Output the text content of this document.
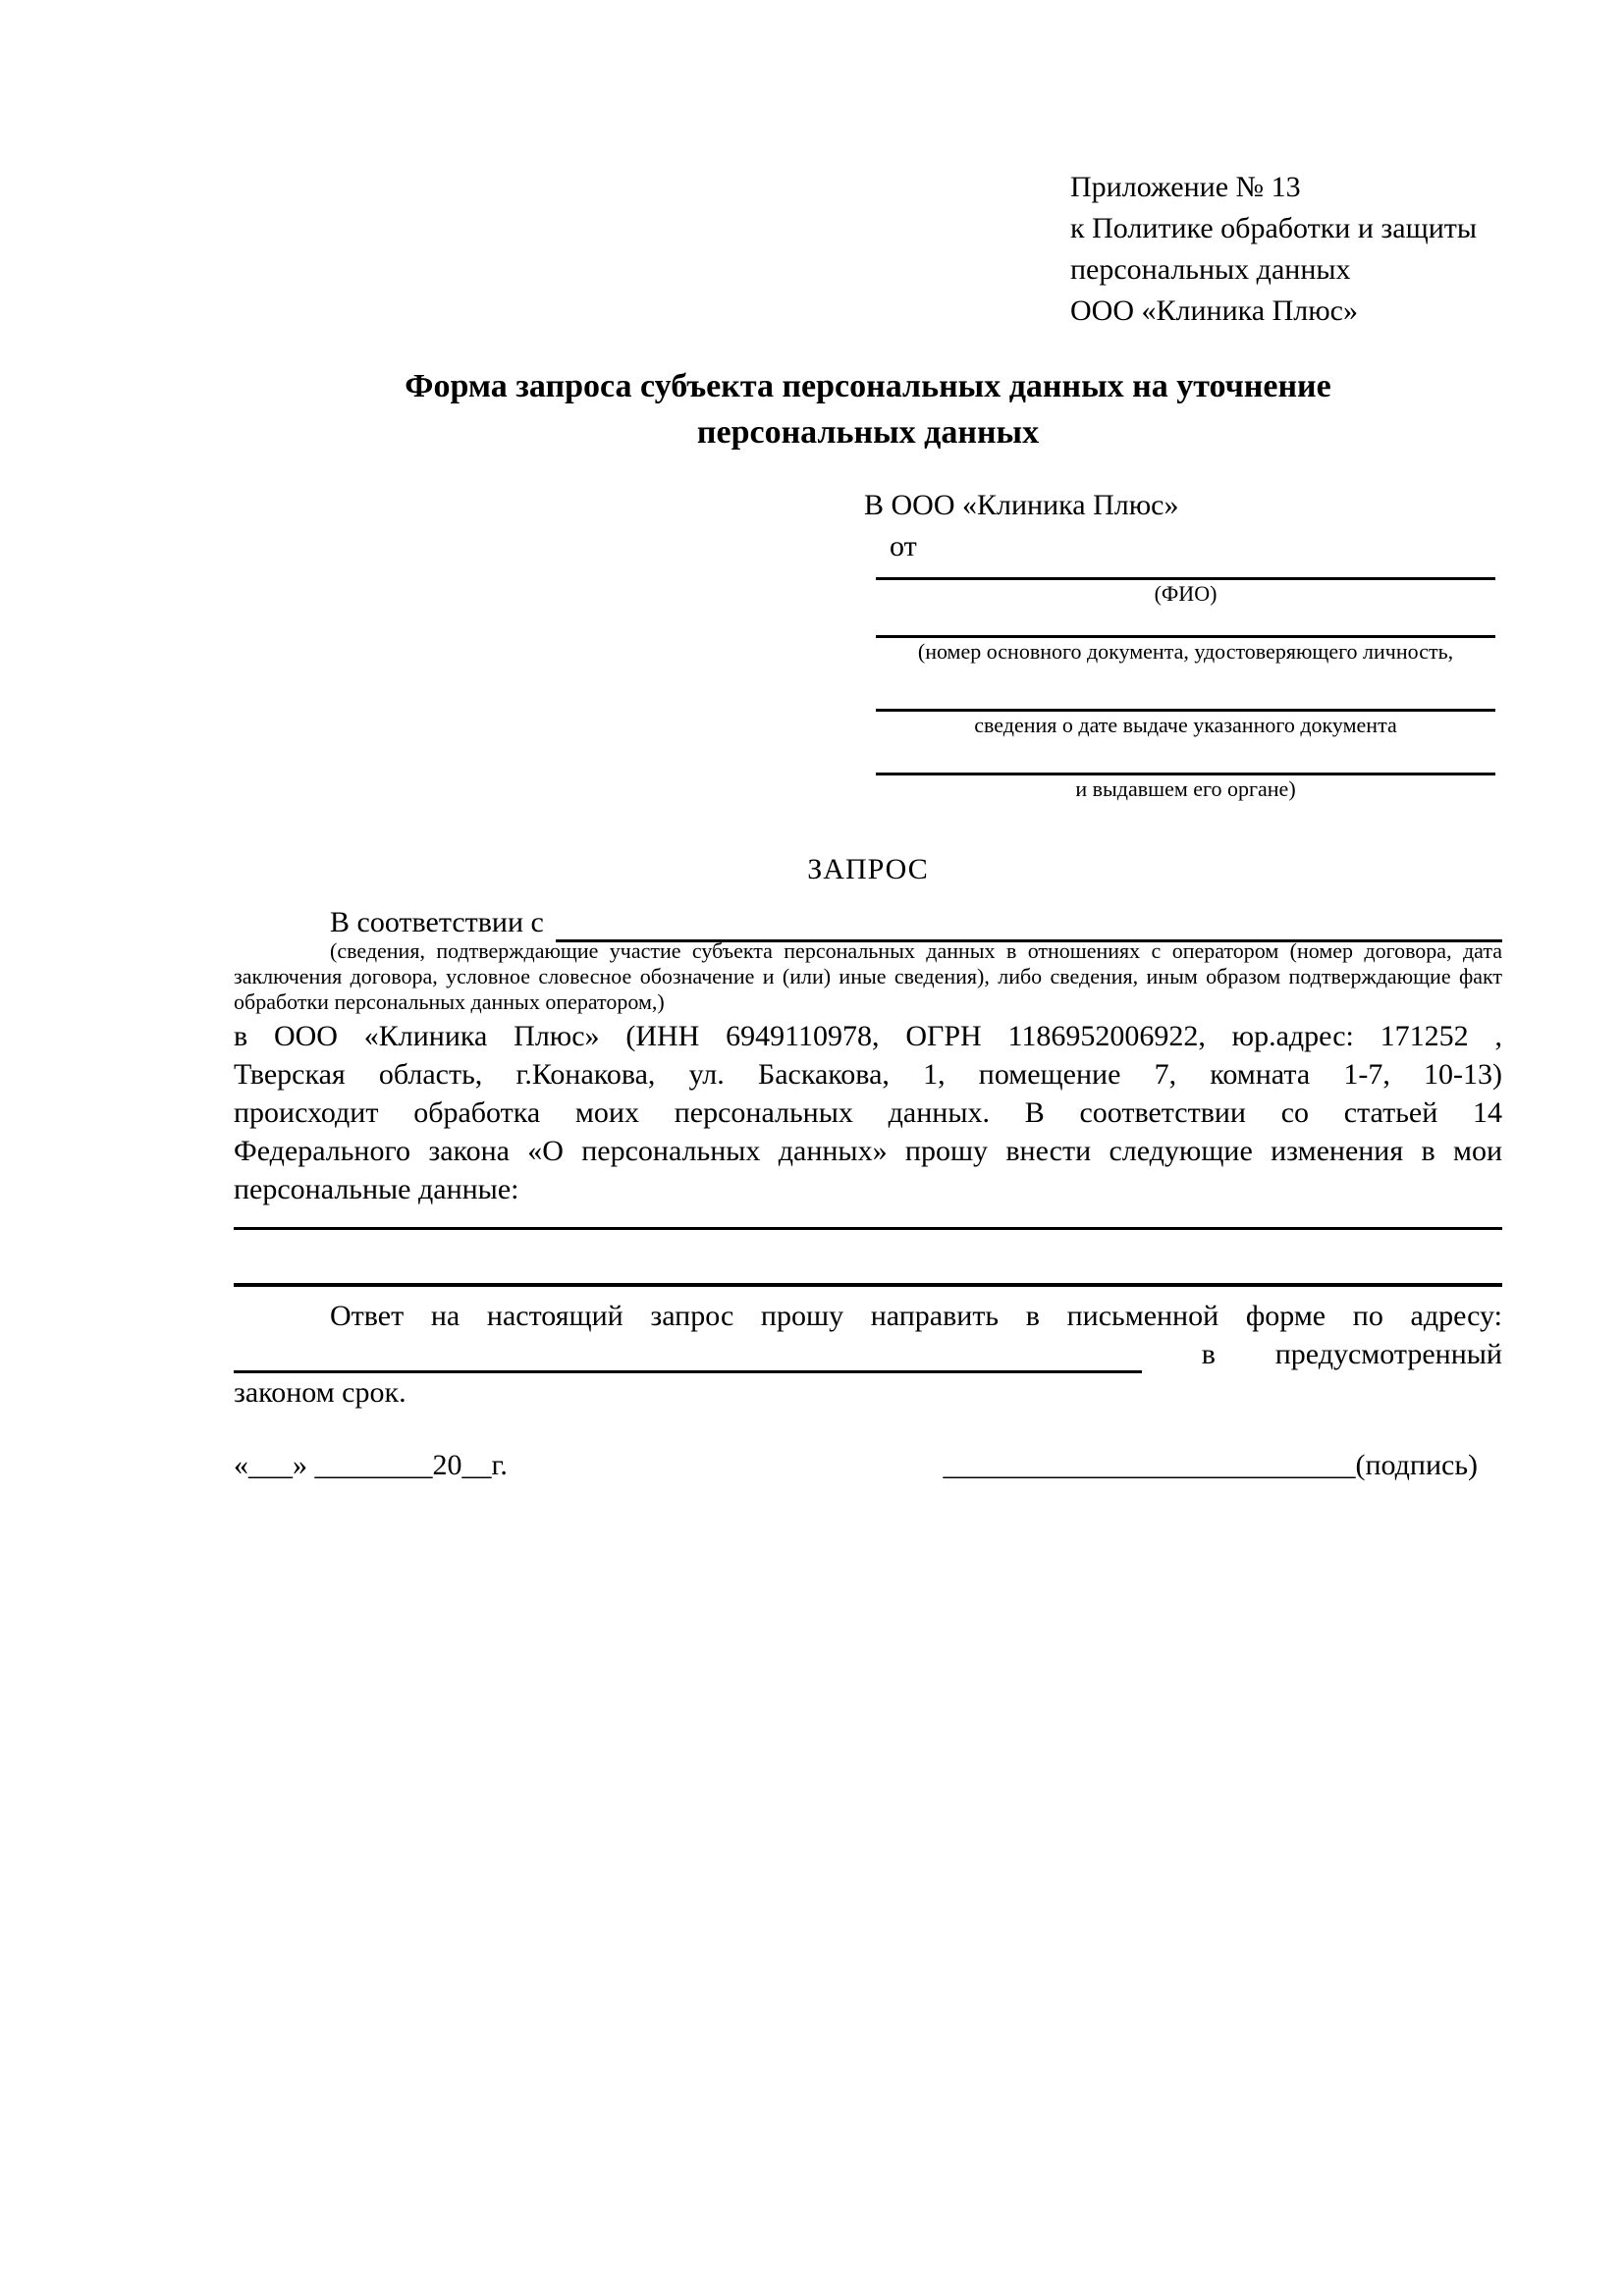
Приложение № 13
к Политике обработки и защиты
персональных данных
ООО «Клиника Плюс»
Форма запроса субъекта персональных данных на уточнение
персональных данных
В ООО «Клиника Плюс»
от
(ФИО)
(номер основного документа, удостоверяющего личность,
сведения о дате выдаче указанного документа
и выдавшем его органе)
ЗАПРОС
В соответствии с
(сведения, подтверждающие участие субъекта персональных данных в отношениях с оператором (номер договора, дата
заключения договора, условное словесное обозначение и (или) иные сведения), либо сведения, иным образом подтверждающие факт
обработки персональных данных оператором,)
в ООО «Клиника Плюс» (ИНН 6949110978, ОГРН 1186952006922, юр.адрес: 171252 ,
Тверская область, г.Конакова, ул. Баскакова, 1, помещение 7, комната 1-7, 10-13)
происходит обработка моих персональных данных. В соответствии со статьей 14
Федерального закона «О персональных данных» прошу внести следующие изменения в мои
персональные данные:
Ответ на настоящий запрос прошу направить в письменной форме по адресу:
в предусмотренный
законом срок.
«___» ________20__г.	____________________________(подпись)
